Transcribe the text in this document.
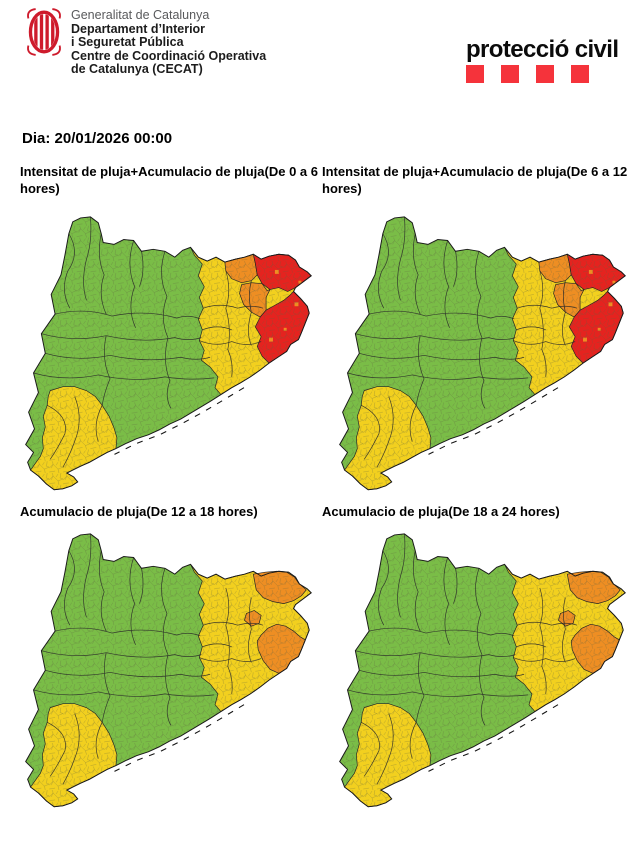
Generalitat de Catalunya
Departament d’Interior
i Seguretat Pública
Centre de Coordinació Operativa
de Catalunya (CECAT)
protecció civil
Dia: 20/01/2026 00:00
Intensitat de pluja+Acumulacio de pluja(De 0 a 6 hores)
Intensitat de pluja+Acumulacio de pluja(De 6 a 12 hores)
Acumulacio de pluja(De 12 a 18 hores)	Acumulacio de pluja(De 18 a 24 hores)
